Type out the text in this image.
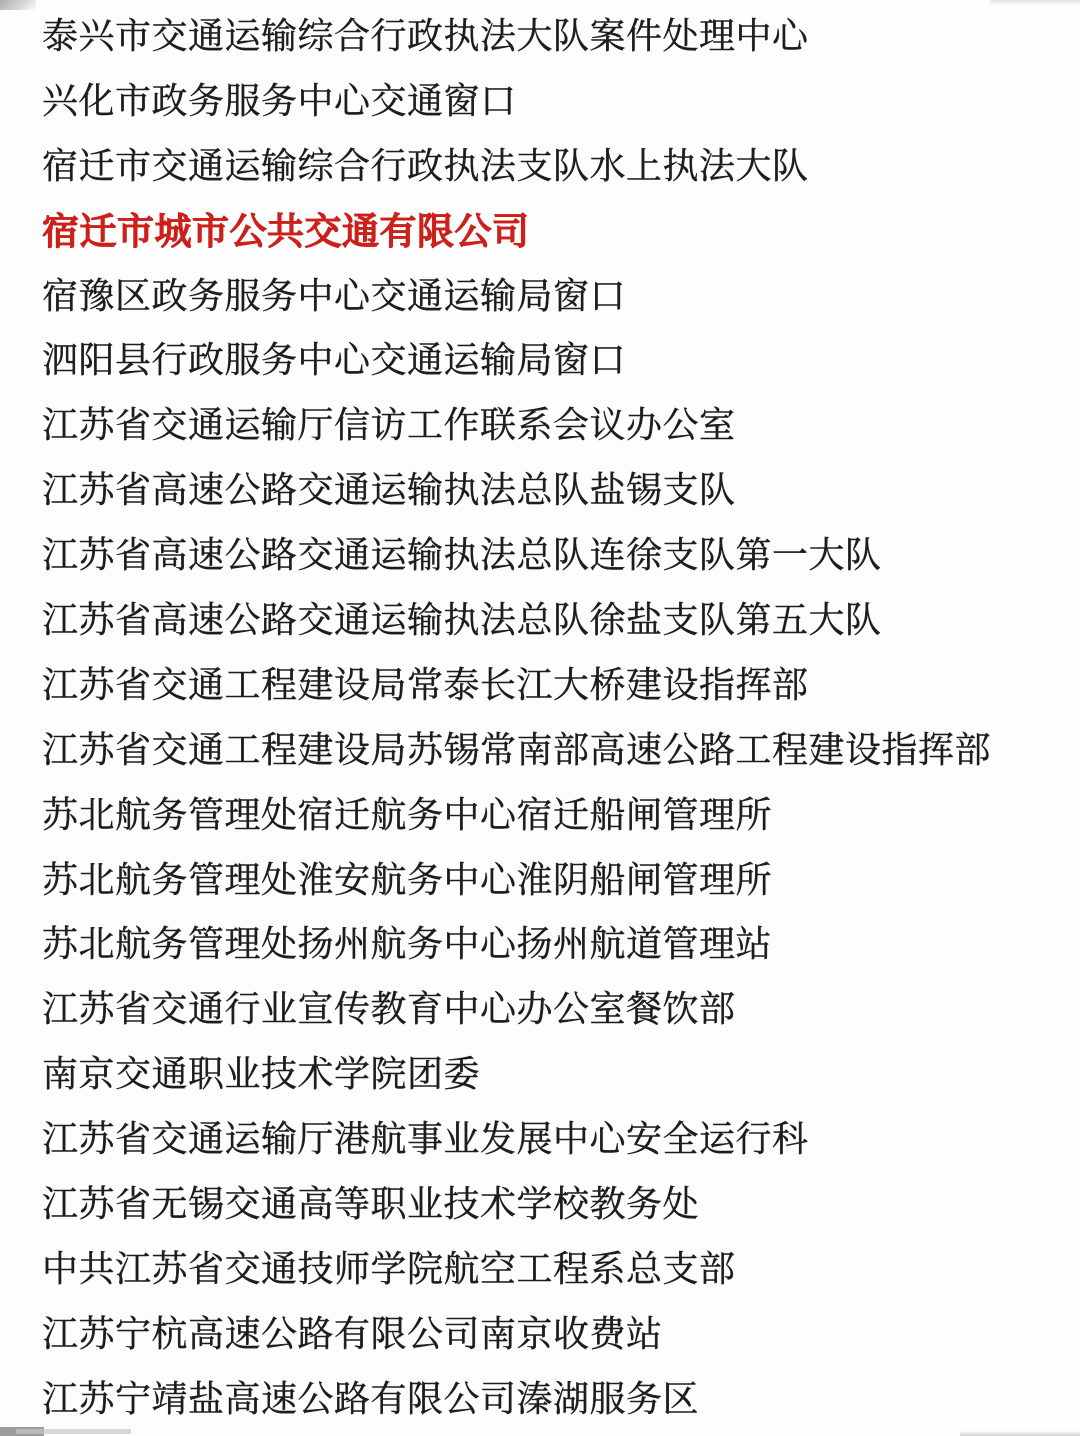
泰兴市交通运输综合行政执法大队案件处理中心
兴化市政务服务中心交通窗口
宿迁市交通运输综合行政执法支队水上执法大队
宿迁市城市公共交通有限公司
宿豫区政务服务中心交通运输局窗口
泗阳县行政服务中心交通运输局窗口
江苏省交通运输厅信访工作联系会议办公室
江苏省高速公路交通运输执法总队盐锡支队
江苏省高速公路交通运输执法总队连徐支队第一大队
江苏省高速公路交通运输执法总队徐盐支队第五大队
江苏省交通工程建设局常泰长江大桥建设指挥部
江苏省交通工程建设局苏锡常南部高速公路工程建设指挥部
苏北航务管理处宿迁航务中心宿迁船闸管理所
苏北航务管理处淮安航务中心淮阴船闸管理所
苏北航务管理处扬州航务中心扬州航道管理站
江苏省交通行业宣传教育中心办公室餐饮部
南京交通职业技术学院团委
江苏省交通运输厅港航事业发展中心安全运行科
江苏省无锡交通高等职业技术学校教务处
中共江苏省交通技师学院航空工程系总支部
江苏宁杭高速公路有限公司南京收费站
江苏宁靖盐高速公路有限公司溱湖服务区
